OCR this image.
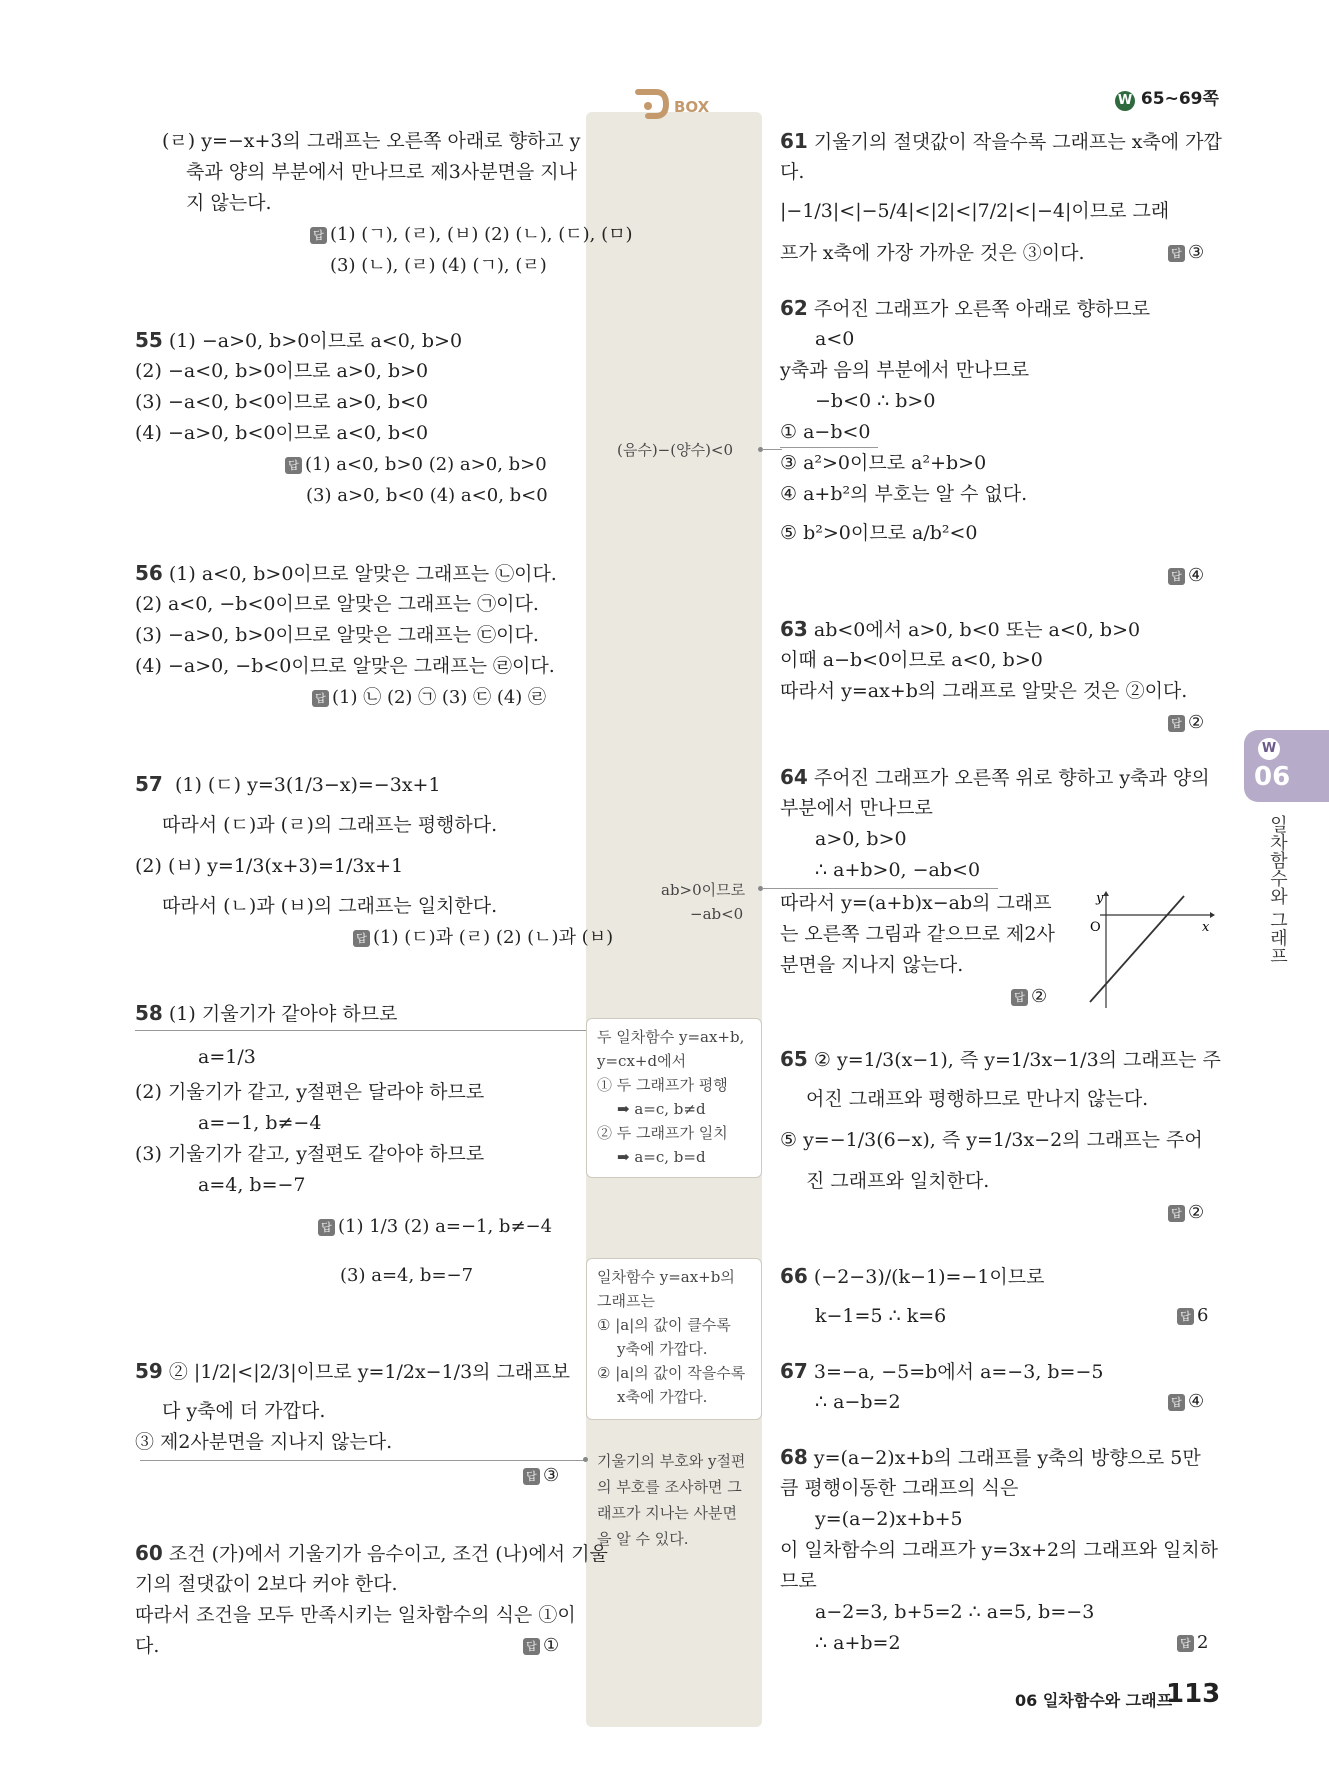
W 65~69쪽
BOX
(ㄹ) y=−x+3의 그래프는 오른쪽 아래로 향하고 y
축과 양의 부분에서 만나므로 제3사분면을 지나
지 않는다.
답 (1) (ㄱ), (ㄹ), (ㅂ) (2) (ㄴ), (ㄷ), (ㅁ)
(3) (ㄴ), (ㄹ) (4) (ㄱ), (ㄹ)
55 (1) −a>0, b>0이므로 a<0, b>0
(2) −a<0, b>0이므로 a>0, b>0
(3) −a<0, b<0이므로 a>0, b<0
(4) −a>0, b<0이므로 a<0, b<0
답 (1) a<0, b>0 (2) a>0, b>0
(3) a>0, b<0 (4) a<0, b<0
56 (1) a<0, b>0이므로 알맞은 그래프는 ㉡이다.
(2) a<0, −b<0이므로 알맞은 그래프는 ㉠이다.
(3) −a>0, b>0이므로 알맞은 그래프는 ㉢이다.
(4) −a>0, −b<0이므로 알맞은 그래프는 ㉣이다.
답 (1) ㉡ (2) ㉠ (3) ㉢ (4) ㉣
57 (1) (ㄷ) y=3(1/3−x)=−3x+1
따라서 (ㄷ)과 (ㄹ)의 그래프는 평행하다.
(2) (ㅂ) y=1/3(x+3)=1/3x+1
따라서 (ㄴ)과 (ㅂ)의 그래프는 일치한다.
답 (1) (ㄷ)과 (ㄹ) (2) (ㄴ)과 (ㅂ)
58 (1) 기울기가 같아야 하므로
a=1/3
(2) 기울기가 같고, y절편은 달라야 하므로
a=−1, b≠−4
(3) 기울기가 같고, y절편도 같아야 하므로
a=4, b=−7
답 (1) 1/3 (2) a=−1, b≠−4
(3) a=4, b=−7
59 ② |1/2|<|2/3|이므로 y=1/2x−1/3의 그래프보
다 y축에 더 가깝다.
③ 제2사분면을 지나지 않는다.
답 ③
60 조건 (가)에서 기울기가 음수이고, 조건 (나)에서 기울
기의 절댓값이 2보다 커야 한다.
따라서 조건을 모두 만족시키는 일차함수의 식은 ①이
다.	답 ①
(음수)−(양수)<0
ab>0이므로
−ab<0
두 일차함수 y=ax+b,
y=cx+d에서
① 두 그래프가 평행
➡ a=c, b≠d
② 두 그래프가 일치
➡ a=c, b=d
일차함수 y=ax+b의
그래프는
① |a|의 값이 클수록
y축에 가깝다.
② |a|의 값이 작을수록
x축에 가깝다.
기울기의 부호와 y절편
의 부호를 조사하면 그
래프가 지나는 사분면
을 알 수 있다.
61 기울기의 절댓값이 작을수록 그래프는 x축에 가깝
다.
|−1/3|<|−5/4|<|2|<|7/2|<|−4|이므로 그래
프가 x축에 가장 가까운 것은 ③이다.	답 ③
62 주어진 그래프가 오른쪽 아래로 향하므로
a<0
y축과 음의 부분에서 만나므로
−b<0 ∴ b>0
① a−b<0
③ a²>0이므로 a²+b>0
④ a+b²의 부호는 알 수 없다.
⑤ b²>0이므로 a/b²<0
답 ④
63 ab<0에서 a>0, b<0 또는 a<0, b>0
이때 a−b<0이므로 a<0, b>0
따라서 y=ax+b의 그래프로 알맞은 것은 ②이다.
답 ②
64 주어진 그래프가 오른쪽 위로 향하고 y축과 양의
부분에서 만나므로
a>0, b>0
∴ a+b>0, −ab<0
따라서 y=(a+b)x−ab의 그래프
는 오른쪽 그림과 같으므로 제2사
분면을 지나지 않는다.
y
x
O
답 ②
65 ② y=1/3(x−1), 즉 y=1/3x−1/3의 그래프는 주
어진 그래프와 평행하므로 만나지 않는다.
⑤ y=−1/3(6−x), 즉 y=1/3x−2의 그래프는 주어
진 그래프와 일치한다.
답 ②
66 (−2−3)/(k−1)=−1이므로
k−1=5 ∴ k=6	답 6
67 3=−a, −5=b에서 a=−3, b=−5
∴ a−b=2	답 ④
68 y=(a−2)x+b의 그래프를 y축의 방향으로 5만
큼 평행이동한 그래프의 식은
y=(a−2)x+b+5
이 일차함수의 그래프가 y=3x+2의 그래프와 일치하
므로
a−2=3, b+5=2 ∴ a=5, b=−3
∴ a+b=2	답 2
W
06
일차함수와 그래프
06 일차함수와 그래프
113
